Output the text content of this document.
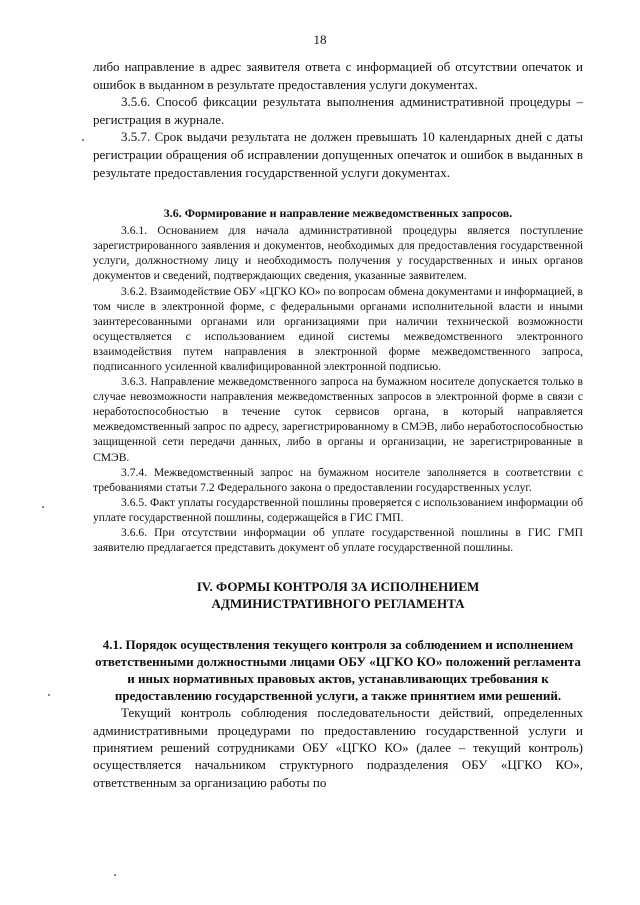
18

либо направление в адрес заявителя ответа с информацией об отсутствии опечаток и ошибок в выданном в результате предоставления услуги документах.

3.5.6. Способ фиксации результата выполнения административной процедуры – регистрация в журнале.

3.5.7. Срок выдачи результата не должен превышать 10 календарных дней с даты регистрации обращения об исправлении допущенных опечаток и ошибок в выданных в результате предоставления государственной услуги документах.

3.6. Формирование и направление межведомственных запросов.

3.6.1. Основанием для начала административной процедуры является поступление зарегистрированного заявления и документов, необходимых для предоставления государственной услуги, должностному лицу и необходимость получения у государственных и иных органов документов и сведений, подтверждающих сведения, указанные заявителем.

3.6.2. Взаимодействие ОБУ «ЦГКО КО» по вопросам обмена документами и информацией, в том числе в электронной форме, с федеральными органами исполнительной власти и иными заинтересованными органами или организациями при наличии технической возможности осуществляется с использованием единой системы межведомственного электронного взаимодействия путем направления в электронной форме межведомственного запроса, подписанного усиленной квалифицированной электронной подписью.

3.6.3. Направление межведомственного запроса на бумажном носителе допускается только в случае невозможности направления межведомственных запросов в электронной форме в связи с неработоспособностью в течение суток сервисов органа, в который направляется межведомственный запрос по адресу, зарегистрированному в СМЭВ, либо неработоспособностью защищенной сети передачи данных, либо в органы и организации, не зарегистрированные в СМЭВ.

3.7.4. Межведомственный запрос на бумажном носителе заполняется в соответствии с требованиями статьи 7.2 Федерального закона о предоставлении государственных услуг.

3.6.5. Факт уплаты государственной пошлины проверяется с использованием информации об уплате государственной пошлины, содержащейся в ГИС ГМП.

3.6.6. При отсутствии информации об уплате государственной пошлины в ГИС ГМП заявителю предлагается представить документ об уплате государственной пошлины.

IV. ФОРМЫ КОНТРОЛЯ ЗА ИСПОЛНЕНИЕМ
АДМИНИСТРАТИВНОГО РЕГЛАМЕНТА
4.1. Порядок осуществления текущего контроля за соблюдением и исполнением ответственными должностными лицами ОБУ «ЦГКО КО» положений регламента и иных нормативных правовых актов, устанавливающих требования к предоставлению государственной услуги, а также принятием ими решений.

Текущий контроль соблюдения последовательности действий, определенных административными процедурами по предоставлению государственной услуги и принятием решений сотрудниками ОБУ «ЦГКО КО» (далее – текущий контроль) осуществляется начальником структурного подразделения ОБУ «ЦГКО КО», ответственным за организацию работы по
